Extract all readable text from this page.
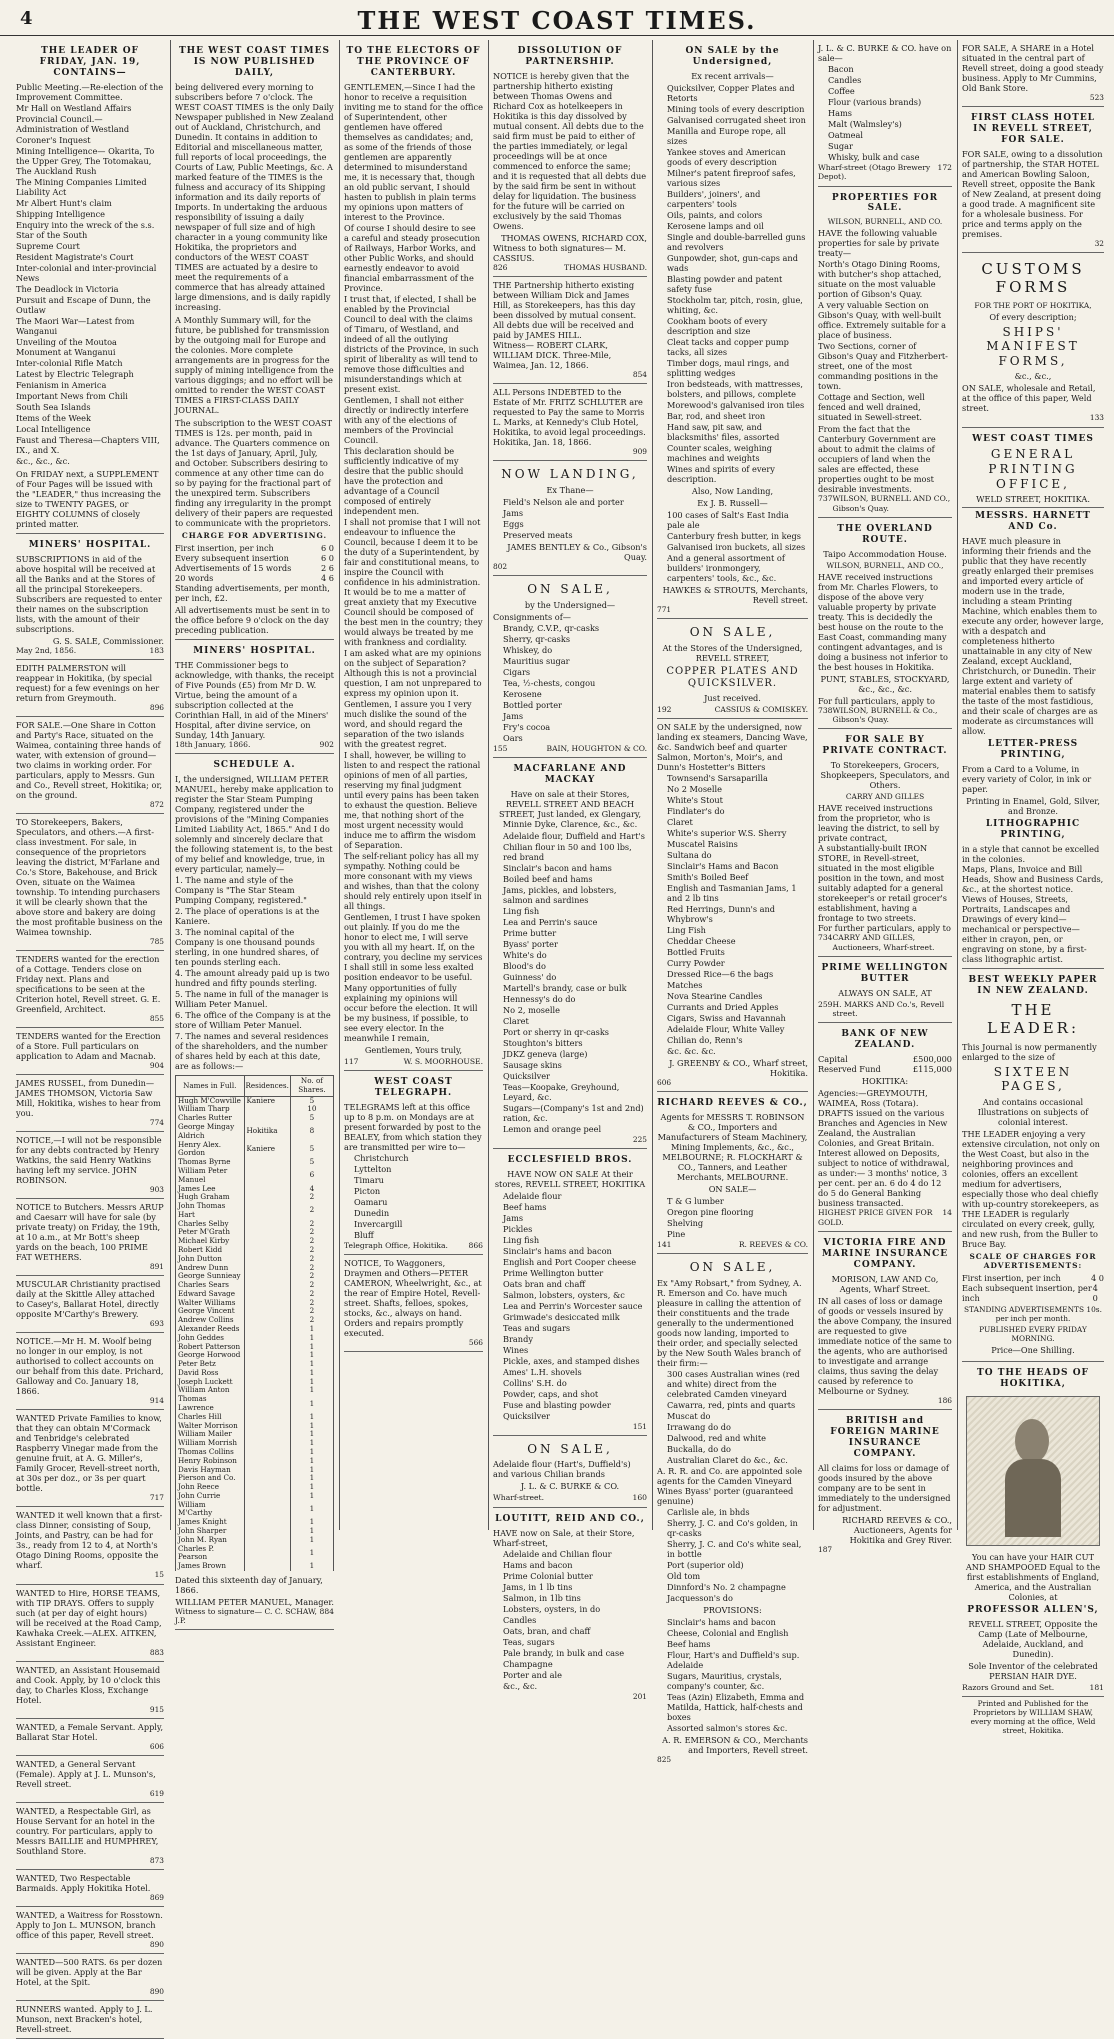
4	THE WEST COAST TIMES.
THE LEADER OF FRIDAY, JAN. 19, CONTAINS—
Public Meeting.—Re-election of the Improvement Committee.
Mr Hall on Westland Affairs
Provincial Council.—Administration of Westland
Coroner's Inquest
Mining Intelligence— Okarita, To the Upper Grey, The Totomakau, The Auckland Rush
The Mining Companies Limited Liability Act
Mr Albert Hunt's claim
Shipping Intelligence
Enquiry into the wreck of the s.s. Star of the South
Supreme Court
Resident Magistrate's Court
Inter-colonial and inter-provincial News
The Deadlock in Victoria
Pursuit and Escape of Dunn, the Outlaw
The Maori War—Latest from Wanganui
Unveiling of the Moutoa Monument at Wanganui
Inter-colonial Rifle Match
Latest by Electric Telegraph
Fenianism in America
Important News from Chili
South Sea Islands
Items of the Week
Local Intelligence
Faust and Theresa—Chapters VIII, IX., and X.
&c., &c., &c.
On FRIDAY next, a SUPPLEMENT of Four Pages will be issued with the "LEADER," thus increasing the size to TWENTY PAGES, or EIGHTY COLUMNS of closely printed matter.
MINERS' HOSPITAL.
SUBSCRIPTIONS in aid of the above hospital will be received at all the Banks and at the Stores of all the principal Storekeepers. Subscribers are requested to enter their names on the subscription lists, with the amount of their subscriptions.
G. S. SALE, Commissioner.
May 2nd, 1856.	183
EDITH PALMERSTON will reappear in Hokitika, (by special request) for a few evenings on her return from Greymouth.
896
FOR SALE.—One Share in Cotton and Party's Race, situated on the Waimea, containing three hands of water, with extension of ground—two claims in working order. For particulars, apply to Messrs. Gun and Co., Revell street, Hokitika; or, on the ground.
872
TO Storekeepers, Bakers, Speculators, and others.—A first-class investment. For sale, in consequence of the proprietors leaving the district, M'Farlane and Co.'s Store, Bakehouse, and Brick Oven, situate on the Waimea township. To intending purchasers it will be clearly shown that the above store and bakery are doing the most profitable business on the Waimea township.
785
TENDERS wanted for the erection of a Cottage. Tenders close on Friday next. Plans and specifications to be seen at the Criterion hotel, Revell street. G. E. Greenfield, Architect.
855
TENDERS wanted for the Erection of a Store. Full particulars on application to Adam and Macnab.
904
JAMES RUSSEL, from Dunedin—JAMES THOMSON, Victoria Saw Mill, Hokitika, wishes to hear from you.
774
NOTICE,—I will not be responsible for any debts contracted by Henry Watkins, the said Henry Watkins having left my service. JOHN ROBINSON.
903
NOTICE to Butchers. Messrs ARUP and Caesarr will have for sale (by private treaty) on Friday, the 19th, at 10 a.m., at Mr Bott's sheep yards on the beach, 100 PRIME FAT WETHERS.
891
MUSCULAR Christianity practised daily at the Skittle Alley attached to Casey's, Ballarat Hotel, directly opposite M'Carthy's Brewery.
693
NOTICE.—Mr H. M. Woolf being no longer in our employ, is not authorised to collect accounts on our behalf from this date. Prichard, Galloway and Co. January 18, 1866.
914
WANTED Private Families to know, that they can obtain M'Cormack and Tenbridge's celebrated Raspberry Vinegar made from the genuine fruit, at A. G. Miller's, Family Grocer, Revell-street north, at 30s per doz., or 3s per quart bottle.
717
WANTED it well known that a first-class Dinner, consisting of Soup, Joints, and Pastry, can be had for 3s., ready from 12 to 4, at North's Otago Dining Rooms, opposite the wharf.
15
WANTED to Hire, HORSE TEAMS, with TIP DRAYS. Offers to supply such (at per day of eight hours) will be received at the Road Camp, Kawhaka Creek.—ALEX. AITKEN, Assistant Engineer.
883
WANTED, an Assistant Housemaid and Cook. Apply, by 10 o'clock this day, to Charles Kloss, Exchange Hotel.
915
WANTED, a Female Servant. Apply, Ballarat Star Hotel.
606
WANTED, a General Servant (Female). Apply at J. L. Munson's, Revell street.
619
WANTED, a Respectable Girl, as House Servant for an hotel in the country. For particulars, apply to Messrs BAILLIE and HUMPHREY, Southland Store.
873
WANTED, Two Respectable Barmaids. Apply Hokitika Hotel.
869
WANTED, a Waitress for Rosstown. Apply to Jon L. MUNSON, branch office of this paper, Revell street.
890
WANTED—500 RATS. 6s per dozen will be given. Apply at the Bar Hotel, at the Spit.
890
RUNNERS wanted. Apply to J. L. Munson, next Bracken's hotel, Revell-street.
THE WEST COAST TIMES IS NOW PUBLISHED DAILY,
being delivered every morning to subscribers before 7 o'clock. The WEST COAST TIMES is the only Daily Newspaper published in New Zealand out of Auckland, Christchurch, and Dunedin. It contains in addition to Editorial and miscellaneous matter, full reports of local proceedings, the Courts of Law, Public Meetings, &c. A marked feature of the TIMES is the fulness and accuracy of its Shipping information and its daily reports of Imports. In undertaking the arduous responsibility of issuing a daily newspaper of full size and of high character in a young community like Hokitika, the proprietors and conductors of the WEST COAST TIMES are actuated by a desire to meet the requirements of a commerce that has already attained large dimensions, and is daily rapidly increasing.
A Monthly Summary will, for the future, be published for transmission by the outgoing mail for Europe and the colonies. More complete arrangements are in progress for the supply of mining intelligence from the various diggings; and no effort will be omitted to render the WEST COAST TIMES a FIRST-CLASS DAILY JOURNAL.
The subscription to the WEST COAST TIMES is 12s. per month, paid in advance. The Quarters commence on the 1st days of January, April, July, and October. Subscribers desiring to commence at any other time can do so by paying for the fractional part of the unexpired term. Subscribers finding any irregularity in the prompt delivery of their papers are requested to communicate with the proprietors.
CHARGE FOR ADVERTISING.
First insertion, per inch	6 0
Every subsequent insertion	6 0
Advertisements of 15 words	2 6
20 words	4 6
Standing advertisements, per month, per inch, £2.
All advertisements must be sent in to the office before 9 o'clock on the day preceding publication.
MINERS' HOSPITAL.
THE Commissioner begs to acknowledge, with thanks, the receipt of Five Pounds (£5) from Mr D. W. Virtue, being the amount of a subscription collected at the Corinthian Hall, in aid of the Miners' Hospital, after divine service, on Sunday, 14th January.
18th January, 1866.	902
SCHEDULE A.
I, the undersigned, WILLIAM PETER MANUEL, hereby make application to register the Star Steam Pumping Company, registered under the provisions of the "Mining Companies Limited Liability Act, 1865." And I do solemnly and sincerely declare that the following statement is, to the best of my belief and knowledge, true, in every particular, namely—
1. The name and style of the Company is "The Star Steam Pumping Company, registered."
2. The place of operations is at the Kaniere.
3. The nominal capital of the Company is one thousand pounds sterling, in one hundred shares, of ten pounds sterling each.
4. The amount already paid up is two hundred and fifty pounds sterling.
5. The name in full of the manager is William Peter Manuel.
6. The office of the Company is at the store of William Peter Manuel.
7. The names and several residences of the shareholders, and the number of shares held by each at this date, are as follows:—
Names in Full.	Residences.	No. of Shares.
Hugh M'Cowville	Kaniere	5
William Tharp		10
Charles Rutter		5
George Mingay Aldrich	Hokitika	8
Henry Alex. Gordon	Kaniere	5
Thomas Byrne		5
William Peter Manuel		6
James Lee		4
Hugh Graham		2
John Thomas Hart		2
Charles Selby		2
Peter M'Grath		2
Michael Kirby		2
Robert Kidd		2
John Dutton		2
Andrew Dunn		2
George Sunnieay		2
Charles Sears		2
Edward Savage		2
Walter Williams		2
George Vincent		2
Andrew Collins		2
Alexander Reeds		1
John Geddes		1
Robert Patterson		1
George Horwood		1
Peter Betz		1
David Ross		1
Joseph Luckett		1
William Anton		1
Thomas Lawrence		1
Charles Hill		1
Walter Morrison		1
William Mailer		1
William Morrish		1
Thomas Collins		1
Henry Robinson		1
Davis Hayman		1
Pierson and Co.		1
John Reece		1
John Currie		1
William M'Carthy		1
James Knight		1
John Sharper		1
John M. Ryan		1
Charles P. Pearson		1
James Brown		1
Dated this sixteenth day of January, 1866.
WILLIAM PETER MANUEL, Manager.
Witness to signature— C. C. SCHAW, J.P.
884
TO THE ELECTORS OF THE PROVINCE OF CANTERBURY.
GENTLEMEN,—Since I had the honor to receive a requisition inviting me to stand for the office of Superintendent, other gentlemen have offered themselves as candidates; and, as some of the friends of those gentlemen are apparently determined to misunderstand me, it is necessary that, though an old public servant, I should hasten to publish in plain terms my opinions upon matters of interest to the Province.
Of course I should desire to see a careful and steady prosecution of Railways, Harbor Works, and other Public Works, and should earnestly endeavor to avoid financial embarrassment of the Province.
I trust that, if elected, I shall be enabled by the Provincial Council to deal with the claims of Timaru, of Westland, and indeed of all the outlying districts of the Province, in such spirit of liberality as will tend to remove those difficulties and misunderstandings which at present exist.
Gentlemen, I shall not either directly or indirectly interfere with any of the elections of members of the Provincial Council.
This declaration should be sufficiently indicative of my desire that the public should have the protection and advantage of a Council composed of entirely independent men.
I shall not promise that I will not endeavour to influence the Council, because I deem it to be the duty of a Superintendent, by fair and constitutional means, to inspire the Council with confidence in his administration. It would be to me a matter of great anxiety that my Executive Council should be composed of the best men in the country; they would always be treated by me with frankness and cordiality.
I am asked what are my opinions on the subject of Separation? Although this is not a provincial question, I am not unprepared to express my opinion upon it.
Gentlemen, I assure you I very much dislike the sound of the word, and should regard the separation of the two islands with the greatest regret.
I shall, however, be willing to listen to and respect the rational opinions of men of all parties, reserving my final judgment until every pains has been taken to exhaust the question. Believe me, that nothing short of the most urgent necessity would induce me to affirm the wisdom of Separation.
The self-reliant policy has all my sympathy. Nothing could be more consonant with my views and wishes, than that the colony should rely entirely upon itself in all things.
Gentlemen, I trust I have spoken out plainly. If you do me the honor to elect me, I will serve you with all my heart. If, on the contrary, you decline my services I shall still in some less exalted position endeavor to be useful.
Many opportunities of fully explaining my opinions will occur before the election. It will be my business, if possible, to see every elector. In the meanwhile I remain,
Gentlemen, Yours truly,
117	W. S. MOORHOUSE.
WEST COAST TELEGRAPH.
TELEGRAMS left at this office up to 8 p.m. on Mondays are at present forwarded by post to the BEALEY, from which station they are transmitted per wire to—
Christchurch
Lyttelton
Timaru
Picton
Oamaru
Dunedin
Invercargill
Bluff
Telegraph Office, Hokitika.	866
NOTICE, To Waggoners, Draymen and Others—PETER CAMERON, Wheelwright, &c., at the rear of Empire Hotel, Revell-street. Shafts, felloes, spokes, stocks, &c., always on hand. Orders and repairs promptly executed.
566
DISSOLUTION OF PARTNERSHIP.
NOTICE is hereby given that the partnership hitherto existing between Thomas Owens and Richard Cox as hotelkeepers in Hokitika is this day dissolved by mutual consent. All debts due to the said firm must be paid to either of the parties immediately, or legal proceedings will be at once commenced to enforce the same; and it is requested that all debts due by the said firm be sent in without delay for liquidation. The business for the future will be carried on exclusively by the said Thomas Owens.
THOMAS OWENS, RICHARD COX,
Witness to both signatures— M. CASSIUS.
826	THOMAS HUSBAND.
THE Partnership hitherto existing between William Dick and James Hill, as Storekeepers, has this day been dissolved by mutual consent. All debts due will be received and paid by JAMES HILL.
Witness— ROBERT CLARK, WILLIAM DICK. Three-Mile, Waimea, Jan. 12, 1866.
854
ALL Persons INDEBTED to the Estate of Mr. FRITZ SCHLUTER are requested to Pay the same to Morris L. Marks, at Kennedy's Club Hotel, Hokitika, to avoid legal proceedings. Hokitika, Jan. 18, 1866.
909
NOW LANDING,
Ex Thane—
Field's Nelson ale and porter
Jams
Eggs
Preserved meats
JAMES BENTLEY & Co., Gibson's Quay.
802
ON SALE,
by the Undersigned—
Consignments of—
Brandy, C.V.P., qr-casks
Sherry, qr-casks
Whiskey, do
Mauritius sugar
Cigars
Tea, ½-chests, congou
Kerosene
Bottled porter
Jams
Fry's cocoa
Oars
155	BAIN, HOUGHTON & CO.
MACFARLANE AND MACKAY
Have on sale at their Stores, REVELL STREET AND BEACH STREET, Just landed, ex Glengary, Minnie Dyke, Clarence, &c., &c.
Adelaide flour, Duffield and Hart's
Chilian flour in 50 and 100 lbs, red brand
Sinclair's bacon and hams
Boiled beef and hams
Jams, pickles, and lobsters, salmon and sardines
Ling fish
Lea and Perrin's sauce
Prime butter
Byass' porter
White's do
Blood's do
Guinness' do
Martell's brandy, case or bulk
Hennessy's do do
No 2, moselle
Claret
Port or sherry in qr-casks
Stoughton's bitters
JDKZ geneva (large)
Sausage skins
Quicksilver
Teas—Koopake, Greyhound, Leyard, &c.
Sugars—(Company's 1st and 2nd) ration, &c.
Lemon and orange peel
225
ECCLESFIELD BROS.
HAVE NOW ON SALE At their stores, REVELL STREET, HOKITIKA
Adelaide flour
Beef hams
Jams
Pickles
Ling fish
Sinclair's hams and bacon
English and Port Cooper cheese
Prime Wellington butter
Oats bran and chaff
Salmon, lobsters, oysters, &c
Lea and Perrin's Worcester sauce
Grimwade's desiccated milk
Teas and sugars
Brandy
Wines
Pickle, axes, and stamped dishes
Ames' L.H. shovels
Collins' S.H. do
Powder, caps, and shot
Fuse and blasting powder
Quicksilver
151
ON SALE,
Adelaide flour (Hart's, Duffield's) and various Chilian brands
J. L. & C. BURKE & CO.
Wharf-street.	160
LOUTITT, REID AND CO.,
HAVE now on Sale, at their Store, Wharf-street,
Adelaide and Chilian flour
Hams and bacon
Prime Colonial butter
Jams, in 1 lb tins
Salmon, in 1lb tins
Lobsters, oysters, in do
Candles
Oats, bran, and chaff
Teas, sugars
Pale brandy, in bulk and case
Champagne
Porter and ale
&c., &c.
201
ON SALE by the Undersigned,
Ex recent arrivals—
Quicksilver, Copper Plates and Retorts
Mining tools of every description
Galvanised corrugated sheet iron
Manilla and Europe rope, all sizes
Yankee stoves and American goods of every description
Milner's patent fireproof safes, various sizes
Builders', joiners', and carpenters' tools
Oils, paints, and colors
Kerosene lamps and oil
Single and double-barrelled guns and revolvers
Gunpowder, shot, gun-caps and wads
Blasting powder and patent safety fuse
Stockholm tar, pitch, rosin, glue, whiting, &c.
Cookham boots of every description and size
Cleat tacks and copper pump tacks, all sizes
Timber dogs, maul rings, and splitting wedges
Iron bedsteads, with mattresses, bolsters, and pillows, complete
Morewood's galvanised iron tiles
Bar, rod, and sheet iron
Hand saw, pit saw, and blacksmiths' files, assorted
Counter scales, weighing machines and weights
Wines and spirits of every description.
Also, Now Landing,
Ex J. B. Russell—
100 cases of Salt's East India pale ale
Canterbury fresh butter, in kegs
Galvanised iron buckets, all sizes
And a general assortment of builders' ironmongery, carpenters' tools, &c., &c.
HAWKES & STROUTS, Merchants, Revell street.
771
ON SALE,
At the Stores of the Undersigned, REVELL STREET,
COPPER PLATES AND QUICKSILVER.
Just received.
192	CASSIUS & COMISKEY.
ON SALE by the undersigned, now landing ex steamers, Dancing Wave, &c. Sandwich beef and quarter Salmon, Morton's, Moir's, and Dunn's Hostetter's Bitters
Townsend's Sarsaparilla
No 2 Moselle
White's Stout
Findlater's do
Claret
White's superior W.S. Sherry
Muscatel Raisins
Sultana do
Sinclair's Hams and Bacon
Smith's Boiled Beef
English and Tasmanian Jams, 1 and 2 lb tins
Red Herrings, Dunn's and Whybrow's
Ling Fish
Cheddar Cheese
Bottled Fruits
Curry Powder
Dressed Rice—6 the bags
Matches
Nova Stearine Candles
Currants and Dried Apples
Cigars, Swiss and Havannah
Adelaide Flour, White Valley
Chilian do, Renn's
&c. &c. &c.
J. GREENBY & CO., Wharf street, Hokitika.
606
RICHARD REEVES & CO.,
Agents for MESSRS T. ROBINSON & CO., Importers and Manufacturers of Steam Machinery, Mining Implements, &c., &c., MELBOURNE; R. FLOCKHART & CO., Tanners, and Leather Merchants, MELBOURNE.
ON SALE—
T & G lumber
Oregon pine flooring
Shelving
Pine
141	R. REEVES & CO.
ON SALE,
Ex "Amy Robsart," from Sydney, A. R. Emerson and Co. have much pleasure in calling the attention of their constituents and the trade generally to the undermentioned goods now landing, imported to their order, and specially selected by the New South Wales branch of their firm:—
300 cases Australian wines (red and white) direct from the celebrated Camden vineyard
Cawarra, red, pints and quarts
Muscat do
Irrawang do do
Dalwood, red and white
Buckalla, do do
Australian Claret do &c., &c.
A. R. R. and Co. are appointed sole agents for the Camden Vineyard Wines Byass' porter (guaranteed genuine)
Carlisle ale, in bhds
Sherry, J. C. and Co's golden, in qr-casks
Sherry, J. C. and Co's white seal, in bottle
Port (superior old)
Old tom
Dinnford's No. 2 champagne
Jacquesson's do
PROVISIONS:
Sinclair's hams and bacon
Cheese, Colonial and English
Beef hams
Flour, Hart's and Duffield's sup. Adelaide
Sugars, Mauritius, crystals, company's counter, &c.
Teas (Azin) Elizabeth, Emma and Matilda, Hattick, half-chests and boxes
Assorted salmon's stores &c.
A. R. EMERSON & CO., Merchants and Importers, Revell street.
825
J. L. & C. BURKE & CO. have on sale—
Bacon
Candles
Coffee
Flour (various brands)
Hams
Malt (Walmsley's)
Oatmeal
Sugar
Whisky, bulk and case
Wharf-street (Otago Brewery Depot).
172
PROPERTIES FOR SALE.
WILSON, BURNELL, AND CO.
HAVE the following valuable properties for sale by private treaty—
North's Otago Dining Rooms, with butcher's shop attached, situate on the most valuable portion of Gibson's Quay.
A very valuable Section on Gibson's Quay, with well-built office. Extremely suitable for a place of business.
Two Sections, corner of Gibson's Quay and Fitzherbert-street, one of the most commanding positions in the town.
Cottage and Section, well fenced and well drained, situated in Sewell-street.
From the fact that the Canterbury Government are about to admit the claims of occupiers of land when the sales are effected, these properties ought to be most desirable investments.
737 WILSON, BURNELL AND CO., Gibson's Quay.
THE OVERLAND ROUTE.
Taipo Accommodation House.
WILSON, BURNELL, AND CO.,
HAVE received instructions from Mr. Charles Flowers, to dispose of the above very valuable property by private treaty. This is decidedly the best house on the route to the East Coast, commanding many contingent advantages, and is doing a business not inferior to the best houses in Hokitika.
PUNT, STABLES, STOCKYARD, &c., &c., &c.
For full particulars, apply to
738 WILSON, BURNELL & Co., Gibson's Quay.
FOR SALE BY PRIVATE CONTRACT.
To Storekeepers, Grocers, Shopkeepers, Speculators, and Others.
CARRY AND GILLES
HAVE received instructions from the proprietor, who is leaving the district, to sell by private contract,
A substantially-built IRON STORE, in Revell-street, situated in the most eligible position in the town, and most suitably adapted for a general storekeeper's or retail grocer's establishment, having a frontage to two streets.
For further particulars, apply to
734 CARRY AND GILLES, Auctioneers, Wharf-street.
PRIME WELLINGTON BUTTER
ALWAYS ON SALE, AT
259 H. MARKS AND Co.'s, Revell street.
BANK OF NEW ZEALAND.
Capital	£500,000
Reserved Fund	£115,000
HOKITIKA:
Agencies:—GREYMOUTH, WAIMEA, Ross (Totara).
DRAFTS issued on the various Branches and Agencies in New Zealand, the Australian Colonies, and Great Britain. Interest allowed on Deposits, subject to notice of withdrawal, as under:— 3 months' notice, 3 per cent. per an. 6 do 4 do 12 do 5 do General Banking business transacted.
HIGHEST PRICE GIVEN FOR GOLD.
14
VICTORIA FIRE AND MARINE INSURANCE COMPANY.
MORISON, LAW AND Co, Agents, Wharf Street.
IN all cases of loss or damage of goods or vessels insured by the above Company, the insured are requested to give immediate notice of the same to the agents, who are authorised to investigate and arrange claims, thus saving the delay caused by reference to Melbourne or Sydney.
186
BRITISH and FOREIGN MARINE INSURANCE COMPANY.
All claims for loss or damage of goods insured by the above company are to be sent in immediately to the undersigned for adjustment.
RICHARD REEVES & CO., Auctioneers, Agents for Hokitika and Grey River.
187
FOR SALE, A SHARE in a Hotel situated in the central part of Revell street, doing a good steady business. Apply to Mr Cummins, Old Bank Store.
523
FIRST CLASS HOTEL IN REVELL STREET, FOR SALE.
FOR SALE, owing to a dissolution of partnership, the STAR HOTEL and American Bowling Saloon, Revell street, opposite the Bank of New Zealand, at present doing a good trade. A magnificent site for a wholesale business. For price and terms apply on the premises.
32
CUSTOMS FORMS
FOR THE PORT OF HOKITIKA,
Of every description;
SHIPS' MANIFEST FORMS,
&c., &c.,
ON SALE, wholesale and Retail, at the office of this paper, Weld street.
133
WEST COAST TIMES
GENERAL PRINTING OFFICE,
WELD STREET, HOKITIKA.
MESSRS. HARNETT AND Co.
HAVE much pleasure in informing their friends and the public that they have recently greatly enlarged their premises and imported every article of modern use in the trade, including a steam Printing Machine, which enables them to execute any order, however large, with a despatch and completeness hitherto unattainable in any city of New Zealand, except Auckland, Christchurch, or Dunedin. Their large extent and variety of material enables them to satisfy the taste of the most fastidious, and their scale of charges are as moderate as circumstances will allow.
LETTER-PRESS PRINTING,
From a Card to a Volume, in every variety of Color, in ink or paper.
Printing in Enamel, Gold, Silver, and Bronze.
LITHOGRAPHIC PRINTING,
in a style that cannot be excelled in the colonies.
Maps, Plans, Invoice and Bill Heads, Show and Business Cards, &c., at the shortest notice.
Views of Houses, Streets, Portraits, Landscapes and Drawings of every kind—mechanical or perspective—either in crayon, pen, or engraving on stone, by a first-class lithographic artist.
BEST WEEKLY PAPER IN NEW ZEALAND.
THE LEADER:
This Journal is now permanently enlarged to the size of
SIXTEEN PAGES,
And contains occasional Illustrations on subjects of colonial interest.
THE LEADER enjoying a very extensive circulation, not only on the West Coast, but also in the neighboring provinces and colonies, offers an excellent medium for advertisers, especially those who deal chiefly with up-country storekeepers, as THE LEADER is regularly circulated on every creek, gully, and new rush, from the Buller to Bruce Bay.
SCALE OF CHARGES FOR ADVERTISEMENTS:
First insertion, per inch	4 0
Each subsequent insertion, per inch
4 0
STANDING ADVERTISEMENTS 10s. per inch per month.
PUBLISHED EVERY FRIDAY MORNING.
Price—One Shilling.
TO THE HEADS OF HOKITIKA,
You can have your HAIR CUT AND SHAMPOOED Equal to the first establishments of England, America, and the Australian Colonies, at
PROFESSOR ALLEN'S,
REVELL STREET, Opposite the Camp (Late of Melbourne, Adelaide, Auckland, and Dunedin).
Sole Inventor of the celebrated PERSIAN HAIR DYE.
Razors Ground and Set.	181
Printed and Published for the Proprietors by WILLIAM SHAW, every morning at the office, Weld street, Hokitika.
